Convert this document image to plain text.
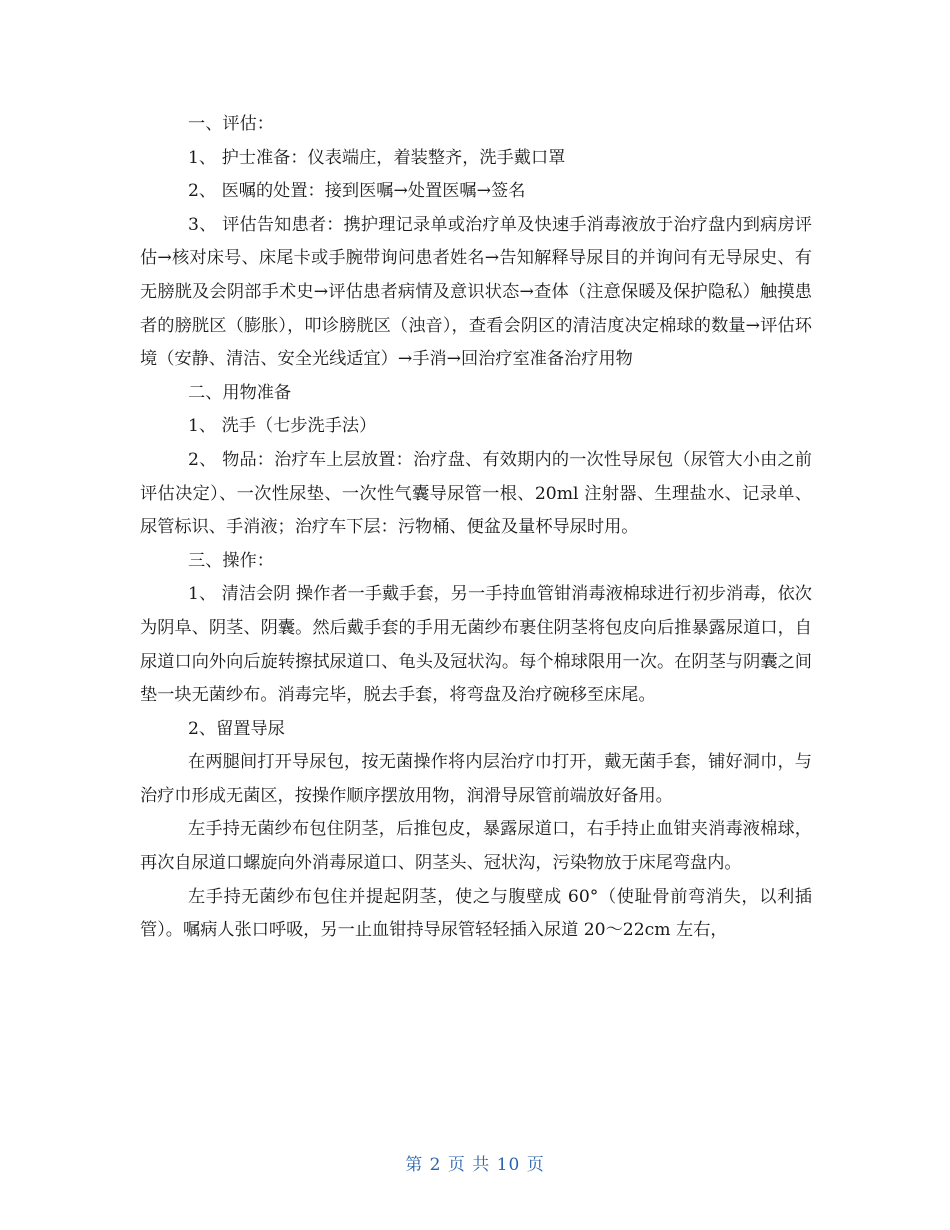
一、评估：

1、 护士准备：仪表端庄，着装整齐，洗手戴口罩

2、 医嘱的处置：接到医嘱→处置医嘱→签名

3、 评估告知患者：携护理记录单或治疗单及快速手消毒液放于治疗盘内到病房评估→核对床号、床尾卡或手腕带询问患者姓名→告知解释导尿目的并询问有无导尿史、有无膀胱及会阴部手术史→评估患者病情及意识状态→查体（注意保暖及保护隐私）触摸患者的膀胱区（膨胀），叩诊膀胱区（浊音），查看会阴区的清洁度决定棉球的数量→评估环境（安静、清洁、安全光线适宜）→手消→回治疗室准备治疗用物

二、用物准备

1、 洗手（七步洗手法）

2、 物品：治疗车上层放置：治疗盘、有效期内的一次性导尿包（尿管大小由之前评估决定）、一次性尿垫、一次性气囊导尿管一根、20ml 注射器、生理盐水、记录单、尿管标识、手消液；治疗车下层：污物桶、便盆及量杯导尿时用。

三、操作：

1、 清洁会阴 操作者一手戴手套，另一手持血管钳消毒液棉球进行初步消毒，依次为阴阜、阴茎、阴囊。然后戴手套的手用无菌纱布裹住阴茎将包皮向后推暴露尿道口，自尿道口向外向后旋转擦拭尿道口、龟头及冠状沟。每个棉球限用一次。在阴茎与阴囊之间垫一块无菌纱布。消毒完毕，脱去手套，将弯盘及治疗碗移至床尾。

2、留置导尿

在两腿间打开导尿包，按无菌操作将内层治疗巾打开，戴无菌手套，铺好洞巾，与治疗巾形成无菌区，按操作顺序摆放用物，润滑导尿管前端放好备用。

左手持无菌纱布包住阴茎，后推包皮，暴露尿道口，右手持止血钳夹消毒液棉球，再次自尿道口螺旋向外消毒尿道口、阴茎头、冠状沟，污染物放于床尾弯盘内。

左手持无菌纱布包住并提起阴茎，使之与腹壁成 60°（使耻骨前弯消失，以利插管）。嘱病人张口呼吸，另一止血钳持导尿管轻轻插入尿道 20～22cm 左右，

第 2 页 共 10 页
